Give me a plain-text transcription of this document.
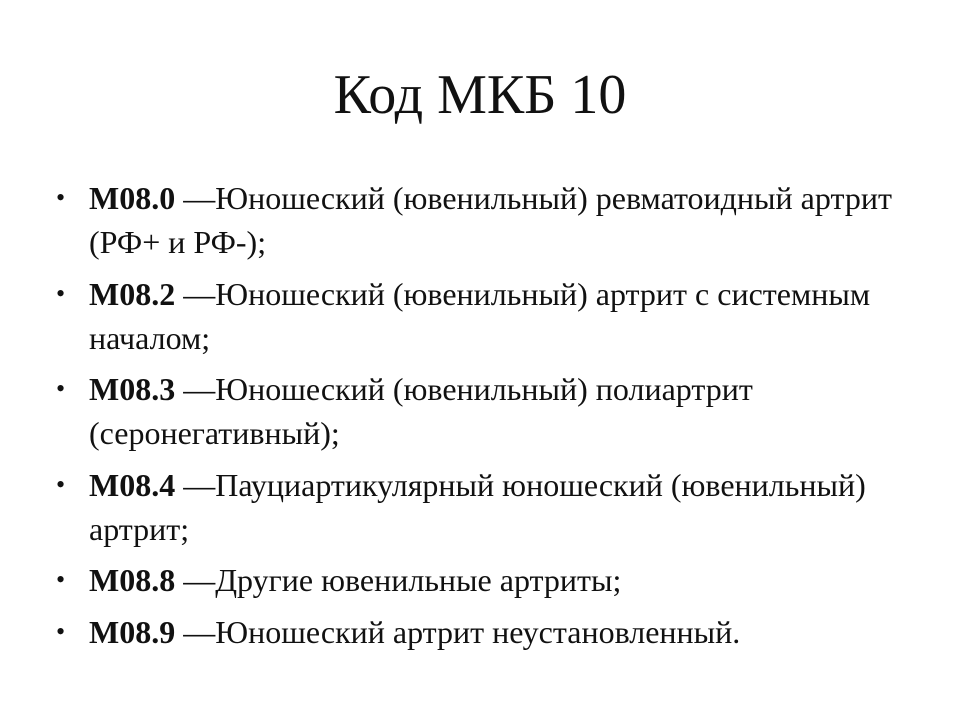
Код МКБ 10
• M08.0 —Юношеский (ювенильный) ревматоидный артрит (РФ+ и РФ-);
• M08.2 —Юношеский (ювенильный) артрит с системным началом;
• M08.3 —Юношеский (ювенильный) полиартрит (серонегативный);
• M08.4 —Пауциартикулярный юношеский (ювенильный) артрит;
• M08.8 —Другие ювенильные артриты;
• M08.9 —Юношеский артрит неустановленный.
